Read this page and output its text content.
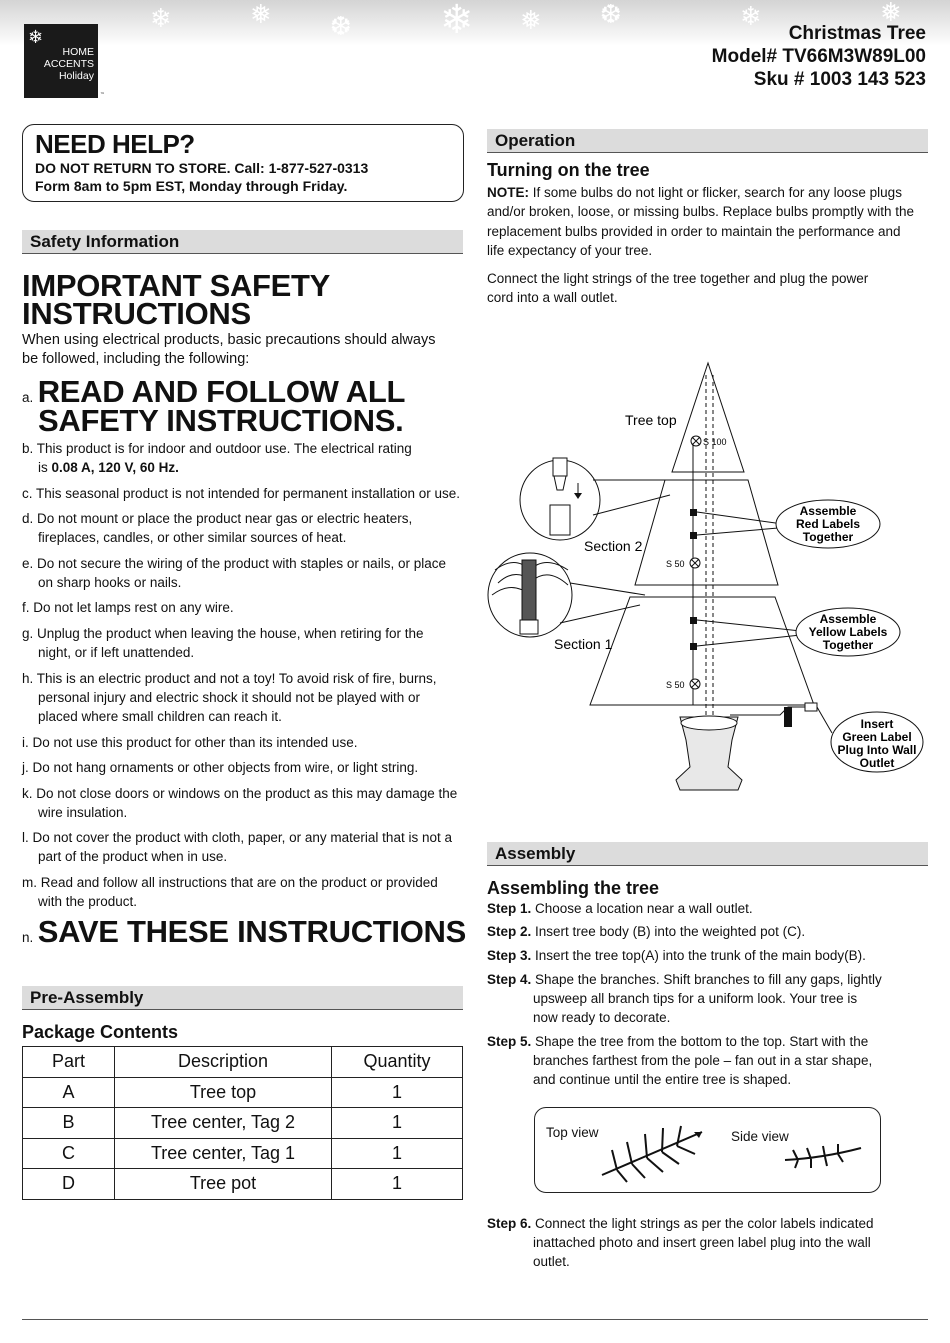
❄	❅ ❆ ❄ ❅ ❆	❄	❅
❄
HOME
ACCENTS
Holiday
™
Christmas Tree
Model# TV66M3W89L00
Sku # 1003 143 523
NEED HELP?
DO NOT RETURN TO STORE. Call: 1-877-527-0313
Form 8am to 5pm EST, Monday through Friday.
Safety Information
IMPORTANT SAFETY
INSTRUCTIONS
When using electrical products, basic precautions should always
be followed, including the following:
a. READ AND FOLLOW ALL
SAFETY INSTRUCTIONS.
b. This product is for indoor and outdoor use. The electrical rating
is 0.08 A, 120 V, 60 Hz.
c. This seasonal product is not intended for permanent installation or use.
d. Do not mount or place the product near gas or electric heaters,
fireplaces, candles, or other similar sources of heat.
e. Do not secure the wiring of the product with staples or nails, or place
on sharp hooks or nails.
f. Do not let lamps rest on any wire.
g. Unplug the product when leaving the house, when retiring for the
night, or if left unattended.
h. This is an electric product and not a toy! To avoid risk of fire, burns,
personal injury and electric shock it should not be played with or
placed where small children can reach it.
i. Do not use this product for other than its intended use.
j. Do not hang ornaments or other objects from wire, or light string.
k. Do not close doors or windows on the product as this may damage the
wire insulation.
l. Do not cover the product with cloth, paper, or any material that is not a
part of the product when in use.
m. Read and follow all instructions that are on the product or provided
with the product.
n. SAVE THESE INSTRUCTIONS
Pre-Assembly
Package Contents
Part	Description	Quantity
A	Tree top	1
B	Tree center, Tag 2	1
C	Tree center, Tag 1	1
D	Tree pot	1
Operation
Turning on the tree
NOTE: If some bulbs do not light or flicker, search for any loose plugs
and/or broken, loose, or missing bulbs. Replace bulbs promptly with the
replacement bulbs provided in order to maintain the performance and
life expectancy of your tree.
Connect the light strings of the tree together and plug the power
cord into a wall outlet.
Tree top
Section 2
Section 1
S 100
S 50
S 50
Assemble
Red Labels
Together
Assemble
Yellow Labels
Together
Insert
Green Label
Plug Into Wall
Outlet
Assembly
Assembling the tree
Step 1. Choose a location near a wall outlet.
Step 2. Insert tree body (B) into the weighted pot (C).
Step 3. Insert the tree top(A) into the trunk of the main body(B).
Step 4. Shape the branches. Shift branches to fill any gaps, lightly
upsweep all branch tips for a uniform look. Your tree is
now ready to decorate.
Step 5. Shape the tree from the bottom to the top. Start with the
branches farthest from the pole – fan out in a star shape,
and continue until the entire tree is shaped.
Top view	Side view
Step 6. Connect the light strings as per the color labels indicated
inattached photo and insert green label plug into the wall
outlet.
